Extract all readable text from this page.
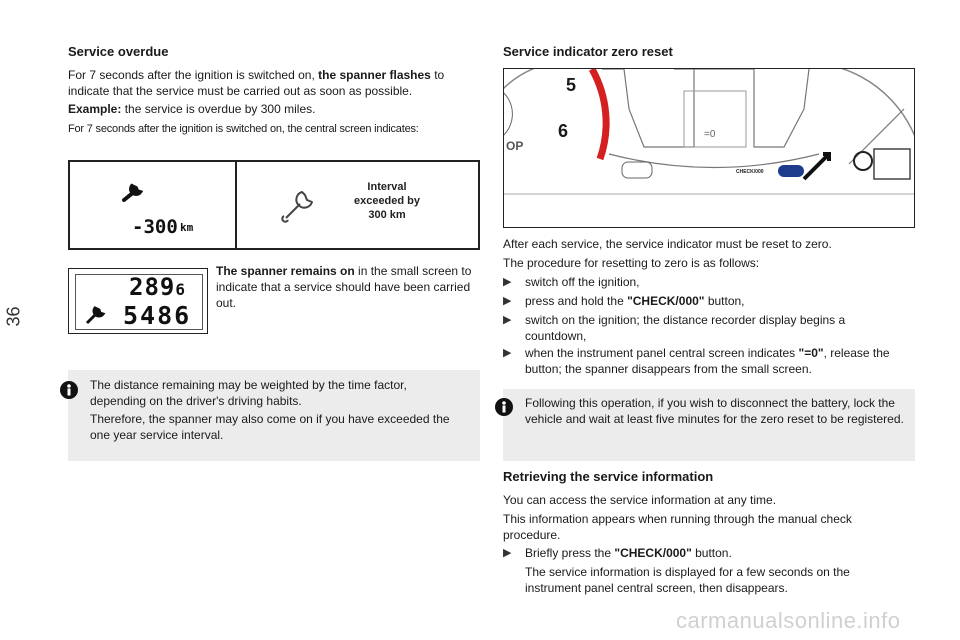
36
Service overdue

For 7 seconds after the ignition is switched on, the spanner flashes to indicate that the service must be carried out as soon as possible.

Example: the service is overdue by 300 miles.

For 7 seconds after the ignition is switched on, the central screen indicates:

-300 km
Interval
exceeded by
300 km
2896
5486

The spanner remains on in the small screen to indicate that a service should have been carried out.

The distance remaining may be weighted by the time factor, depending on the driver's driving habits.

Therefore, the spanner may also come on if you have exceeded the one year service interval.

Service indicator zero reset
5
6
OP
=0
CHECK/000

After each service, the service indicator must be reset to zero.

The procedure for resetting to zero is as follows:

▶	switch off the ignition,

▶	press and hold the "CHECK/000" button,

▶	switch on the ignition; the distance recorder display begins a countdown,

▶	when the instrument panel central screen indicates "=0", release the button; the spanner disappears from the small screen.

Following this operation, if you wish to disconnect the battery, lock the vehicle and wait at least five minutes for the zero reset to be registered.

Retrieving the service information

You can access the service information at any time.

This information appears when running through the manual check procedure.

▶	Briefly press the "CHECK/000" button.

The service information is displayed for a few seconds on the instrument panel central screen, then disappears.

carmanualsonline.info
